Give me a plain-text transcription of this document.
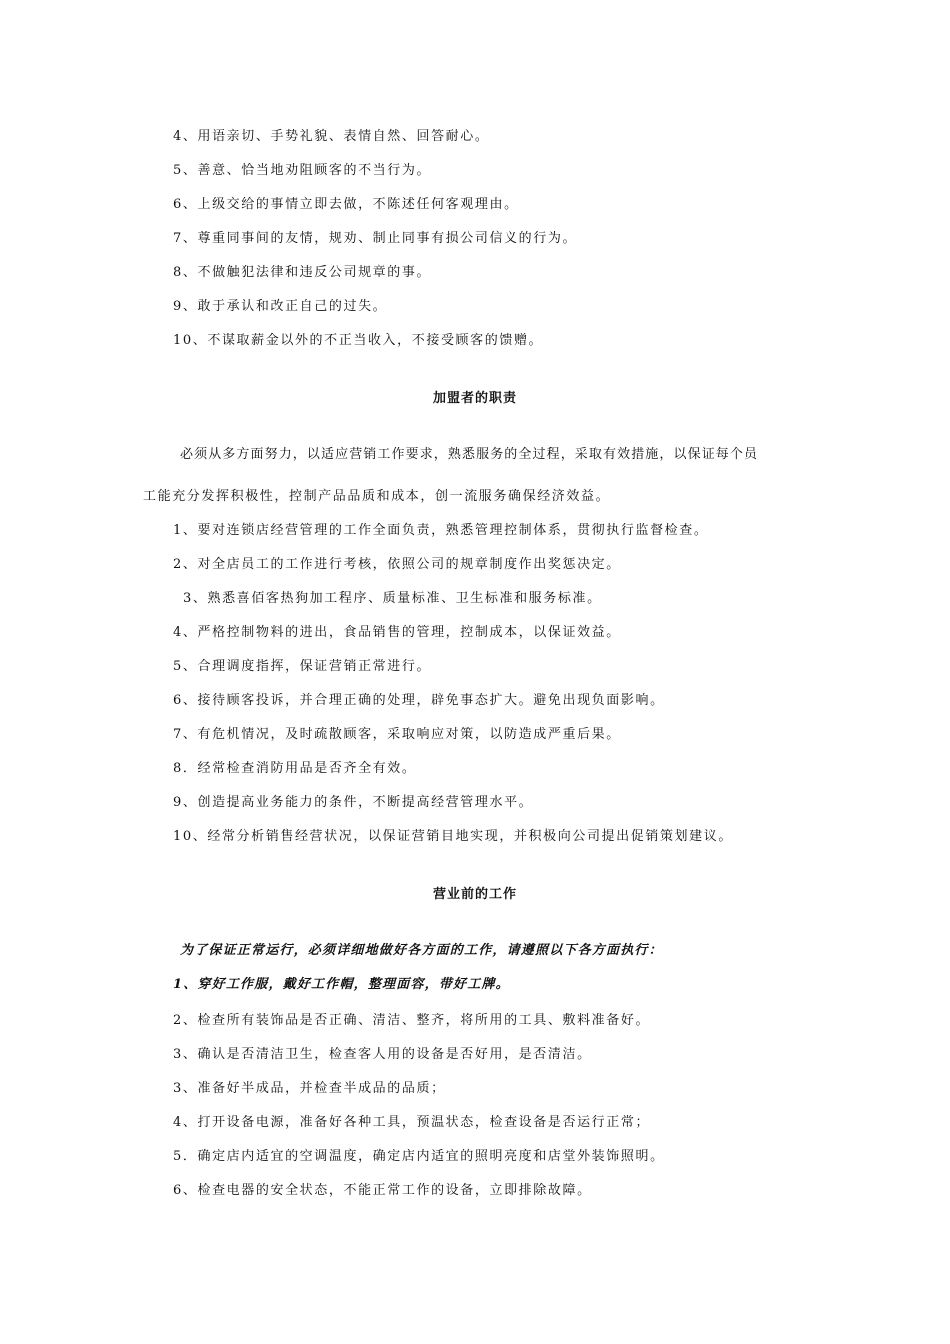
4、用语亲切、手势礼貌、表情自然、回答耐心。
5、善意、恰当地劝阻顾客的不当行为。
6、上级交给的事情立即去做，不陈述任何客观理由。
7、尊重同事间的友情，规劝、制止同事有损公司信义的行为。
8、不做触犯法律和违反公司规章的事。
9、敢于承认和改正自己的过失。
10、不谋取薪金以外的不正当收入，不接受顾客的馈赠。
加盟者的职责
必须从多方面努力，以适应营销工作要求，熟悉服务的全过程，采取有效措施，以保证每个员
工能充分发挥积极性，控制产品品质和成本，创一流服务确保经济效益。
1、要对连锁店经营管理的工作全面负责，熟悉管理控制体系，贯彻执行监督检查。
2、对全店员工的工作进行考核，依照公司的规章制度作出奖惩决定。
3、熟悉喜佰客热狗加工程序、质量标准、卫生标准和服务标准。
4、严格控制物料的进出，食品销售的管理，控制成本，以保证效益。
5、合理调度指挥，保证营销正常进行。
6、接待顾客投诉，并合理正确的处理，辟免事态扩大。避免出现负面影响。
7、有危机情况，及时疏散顾客，采取响应对策，以防造成严重后果。
8．经常检查消防用品是否齐全有效。
9、创造提高业务能力的条件，不断提高经营管理水平。
10、经常分析销售经营状况，以保证营销目地实现，并积极向公司提出促销策划建议。
营业前的工作
为了保证正常运行，必须详细地做好各方面的工作，请遵照以下各方面执行：
1、穿好工作服，戴好工作帽，整理面容，带好工牌。
2、检查所有装饰品是否正确、清洁、整齐，将所用的工具、敷料准备好。
3、确认是否清洁卫生，检查客人用的设备是否好用，是否清洁。
3、准备好半成品，并检查半成品的品质；
4、打开设备电源，准备好各种工具，预温状态，检查设备是否运行正常；
5．确定店内适宜的空调温度，确定店内适宜的照明亮度和店堂外装饰照明。
6、检查电器的安全状态，不能正常工作的设备，立即排除故障。
